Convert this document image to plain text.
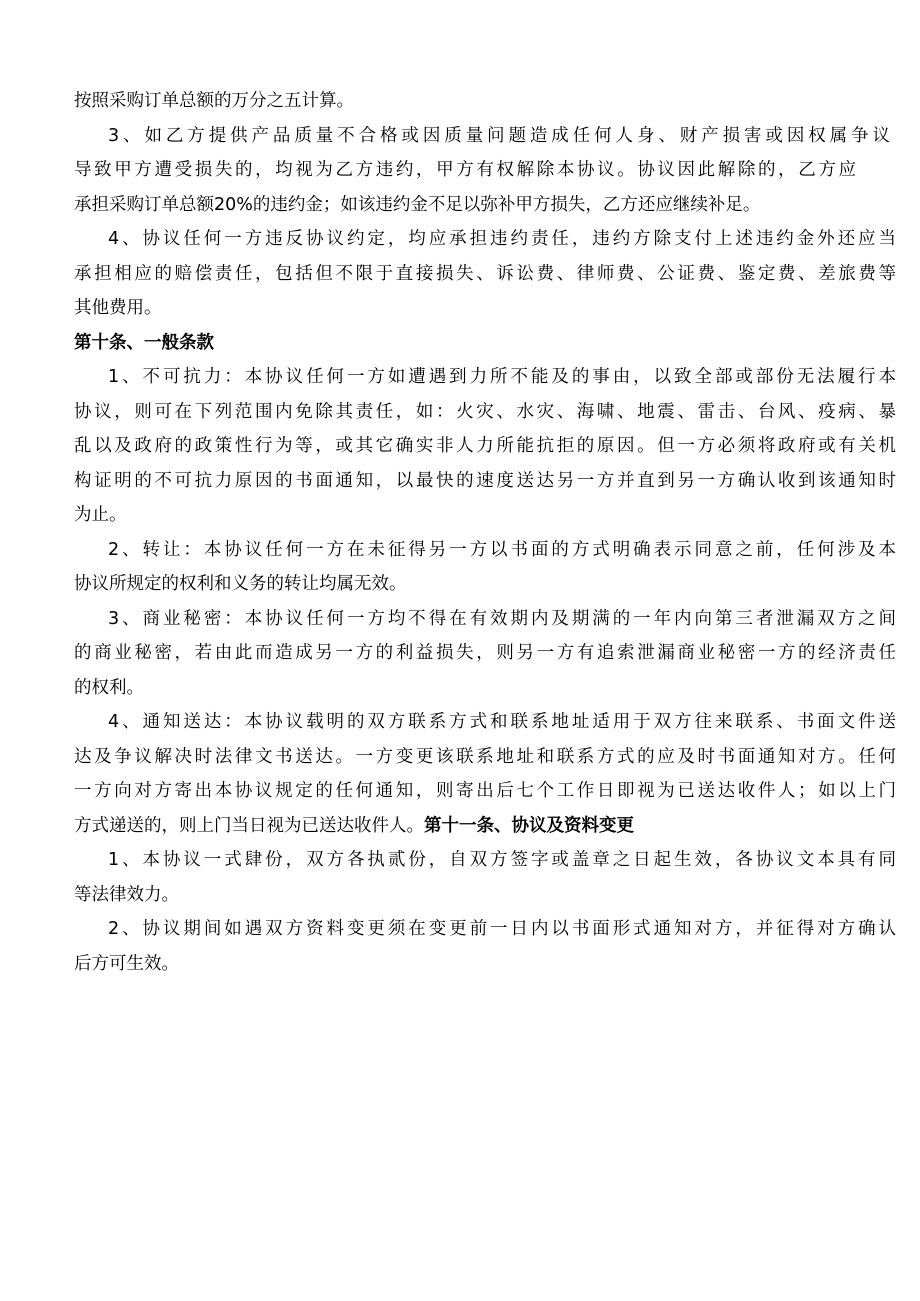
按照采购订单总额的万分之五计算。
3、如乙方提供产品质量不合格或因质量问题造成任何人身、财产损害或因权属争议
导致甲方遭受损失的，均视为乙方违约，甲方有权解除本协议。协议因此解除的，乙方应
承担采购订单总额20%的违约金；如该违约金不足以弥补甲方损失，乙方还应继续补足。
4、协议任何一方违反协议约定，均应承担违约责任，违约方除支付上述违约金外还应当
承担相应的赔偿责任，包括但不限于直接损失、诉讼费、律师费、公证费、鉴定费、差旅费等
其他费用。
第十条、一般条款
1、不可抗力：本协议任何一方如遭遇到力所不能及的事由，以致全部或部份无法履行本
协议，则可在下列范围内免除其责任，如：火灾、水灾、海啸、地震、雷击、台风、疫病、暴
乱以及政府的政策性行为等，或其它确实非人力所能抗拒的原因。但一方必须将政府或有关机
构证明的不可抗力原因的书面通知，以最快的速度送达另一方并直到另一方确认收到该通知时
为止。
2、转让：本协议任何一方在未征得另一方以书面的方式明确表示同意之前，任何涉及本
协议所规定的权利和义务的转让均属无效。
3、商业秘密：本协议任何一方均不得在有效期内及期满的一年内向第三者泄漏双方之间
的商业秘密，若由此而造成另一方的利益损失，则另一方有追索泄漏商业秘密一方的经济责任
的权利。
4、通知送达：本协议载明的双方联系方式和联系地址适用于双方往来联系、书面文件送
达及争议解决时法律文书送达。一方变更该联系地址和联系方式的应及时书面通知对方。任何
一方向对方寄出本协议规定的任何通知，则寄出后七个工作日即视为已送达收件人；如以上门
方式递送的，则上门当日视为已送达收件人。第十一条、协议及资料变更
1、本协议一式肆份，双方各执贰份，自双方签字或盖章之日起生效，各协议文本具有同
等法律效力。
2、协议期间如遇双方资料变更须在变更前一日内以书面形式通知对方，并征得对方确认
后方可生效。
